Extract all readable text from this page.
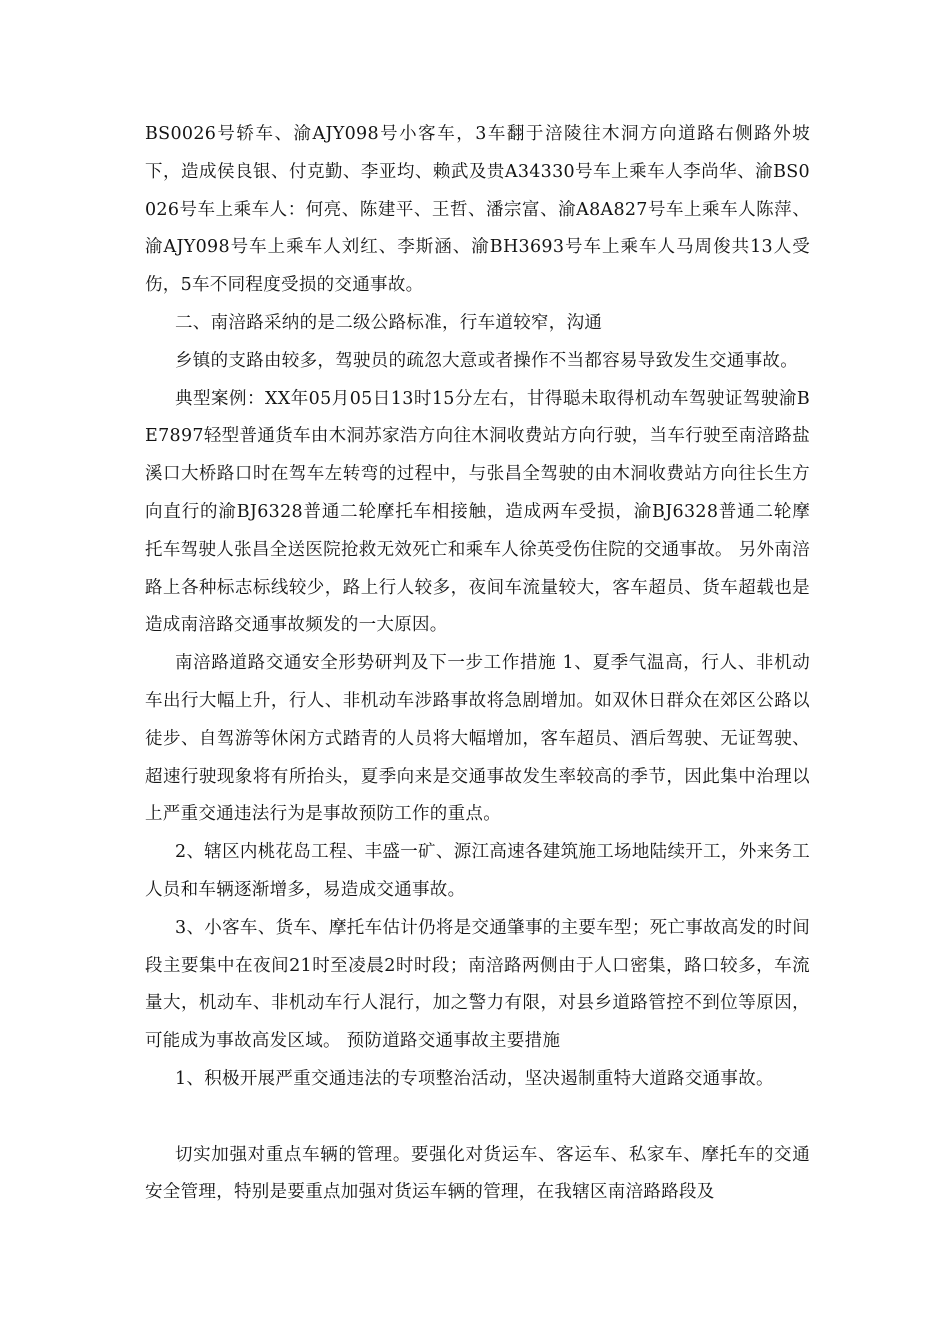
BS0026号轿车、渝AJY098号小客车，3车翻于涪陵往木洞方向道路右侧路外坡下，造成侯良银、付克勤、李亚均、赖武及贵A34330号车上乘车人李尚华、渝BS0026号车上乘车人：何亮、陈建平、王哲、潘宗富、渝A8A827号车上乘车人陈萍、渝AJY098号车上乘车人刘红、李斯涵、渝BH3693号车上乘车人马周俊共13人受伤，5车不同程度受损的交通事故。

二、南涪路采纳的是二级公路标准，行车道较窄，沟通

乡镇的支路由较多，驾驶员的疏忽大意或者操作不当都容易导致发生交通事故。

典型案例：XX年05月05日13时15分左右，甘得聪未取得机动车驾驶证驾驶渝BE7897轻型普通货车由木洞苏家浩方向往木洞收费站方向行驶，当车行驶至南涪路盐溪口大桥路口时在驾车左转弯的过程中，与张昌全驾驶的由木洞收费站方向往长生方向直行的渝BJ6328普通二轮摩托车相接触，造成两车受损，渝BJ6328普通二轮摩托车驾驶人张昌全送医院抢救无效死亡和乘车人徐英受伤住院的交通事故。 另外南涪路上各种标志标线较少，路上行人较多，夜间车流量较大，客车超员、货车超载也是造成南涪路交通事故频发的一大原因。

南涪路道路交通安全形势研判及下一步工作措施 1、夏季气温高，行人、非机动车出行大幅上升，行人、非机动车涉路事故将急剧增加。如双休日群众在郊区公路以徒步、自驾游等休闲方式踏青的人员将大幅增加，客车超员、酒后驾驶、无证驾驶、超速行驶现象将有所抬头，夏季向来是交通事故发生率较高的季节，因此集中治理以上严重交通违法行为是事故预防工作的重点。

2、辖区内桃花岛工程、丰盛一矿、源江高速各建筑施工场地陆续开工，外来务工人员和车辆逐渐增多，易造成交通事故。

3、小客车、货车、摩托车估计仍将是交通肇事的主要车型；死亡事故高发的时间段主要集中在夜间21时至凌晨2时时段；南涪路两侧由于人口密集，路口较多，车流量大，机动车、非机动车行人混行，加之警力有限，对县乡道路管控不到位等原因，可能成为事故高发区域。 预防道路交通事故主要措施

1、积极开展严重交通违法的专项整治活动，坚决遏制重特大道路交通事故。

切实加强对重点车辆的管理。要强化对货运车、客运车、私家车、摩托车的交通安全管理，特别是要重点加强对货运车辆的管理，在我辖区南涪路路段及
